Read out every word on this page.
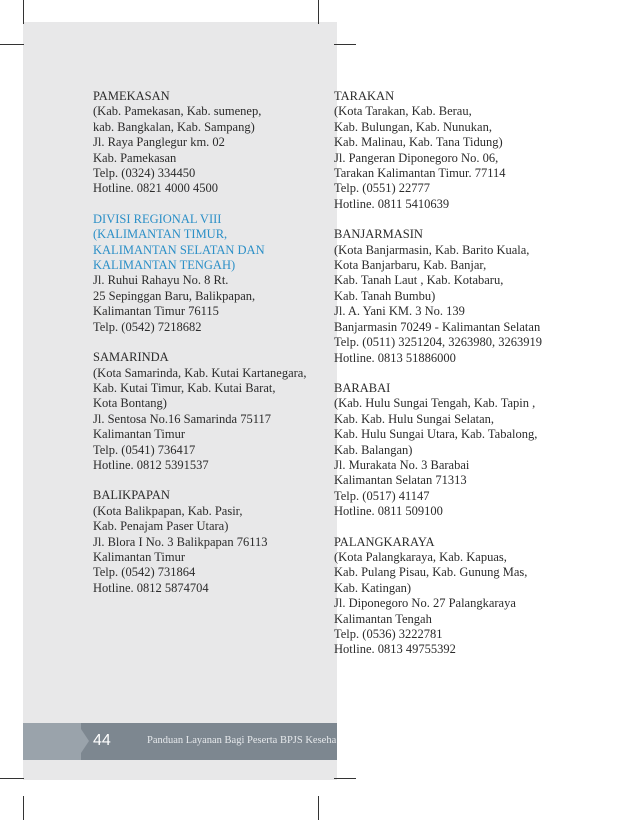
PAMEKASAN
(Kab. Pamekasan, Kab. sumenep,
kab. Bangkalan, Kab. Sampang)
Jl. Raya Panglegur km. 02
Kab. Pamekasan
Telp. (0324) 334450
Hotline. 0821 4000 4500
DIVISI REGIONAL VIII
(KALIMANTAN TIMUR,
KALIMANTAN SELATAN DAN
KALIMANTAN TENGAH)
Jl. Ruhui Rahayu No. 8 Rt.
25 Sepinggan Baru, Balikpapan,
Kalimantan Timur 76115
Telp. (0542) 7218682
SAMARINDA
(Kota Samarinda, Kab. Kutai Kartanegara,
Kab. Kutai Timur, Kab. Kutai Barat,
Kota Bontang)
Jl. Sentosa No.16 Samarinda 75117
Kalimantan Timur
Telp. (0541) 736417
Hotline. 0812 5391537
BALIKPAPAN
(Kota Balikpapan, Kab. Pasir,
Kab. Penajam Paser Utara)
Jl. Blora I No. 3 Balikpapan 76113
Kalimantan Timur
Telp. (0542) 731864
Hotline. 0812 5874704
TARAKAN
(Kota Tarakan, Kab. Berau,
Kab. Bulungan, Kab. Nunukan,
Kab. Malinau, Kab. Tana Tidung)
Jl. Pangeran Diponegoro No. 06,
Tarakan Kalimantan Timur. 77114
Telp. (0551) 22777
Hotline. 0811 5410639
BANJARMASIN
(Kota Banjarmasin, Kab. Barito Kuala,
Kota Banjarbaru, Kab. Banjar,
Kab. Tanah Laut , Kab. Kotabaru,
Kab. Tanah Bumbu)
Jl. A. Yani KM. 3 No. 139
Banjarmasin 70249 - Kalimantan Selatan
Telp. (0511) 3251204, 3263980, 3263919
Hotline. 0813 51886000
BARABAI
(Kab. Hulu Sungai Tengah, Kab. Tapin ,
Kab. Kab. Hulu Sungai Selatan,
Kab. Hulu Sungai Utara, Kab. Tabalong,
Kab. Balangan)
Jl. Murakata No. 3 Barabai
Kalimantan Selatan 71313
Telp. (0517) 41147
Hotline. 0811 509100
PALANGKARAYA
(Kota Palangkaraya, Kab. Kapuas,
Kab. Pulang Pisau, Kab. Gunung Mas,
Kab. Katingan)
Jl. Diponegoro No. 27 Palangkaraya
Kalimantan Tengah
Telp. (0536) 3222781
Hotline. 0813 49755392
44	Panduan Layanan Bagi Peserta BPJS Keseha
